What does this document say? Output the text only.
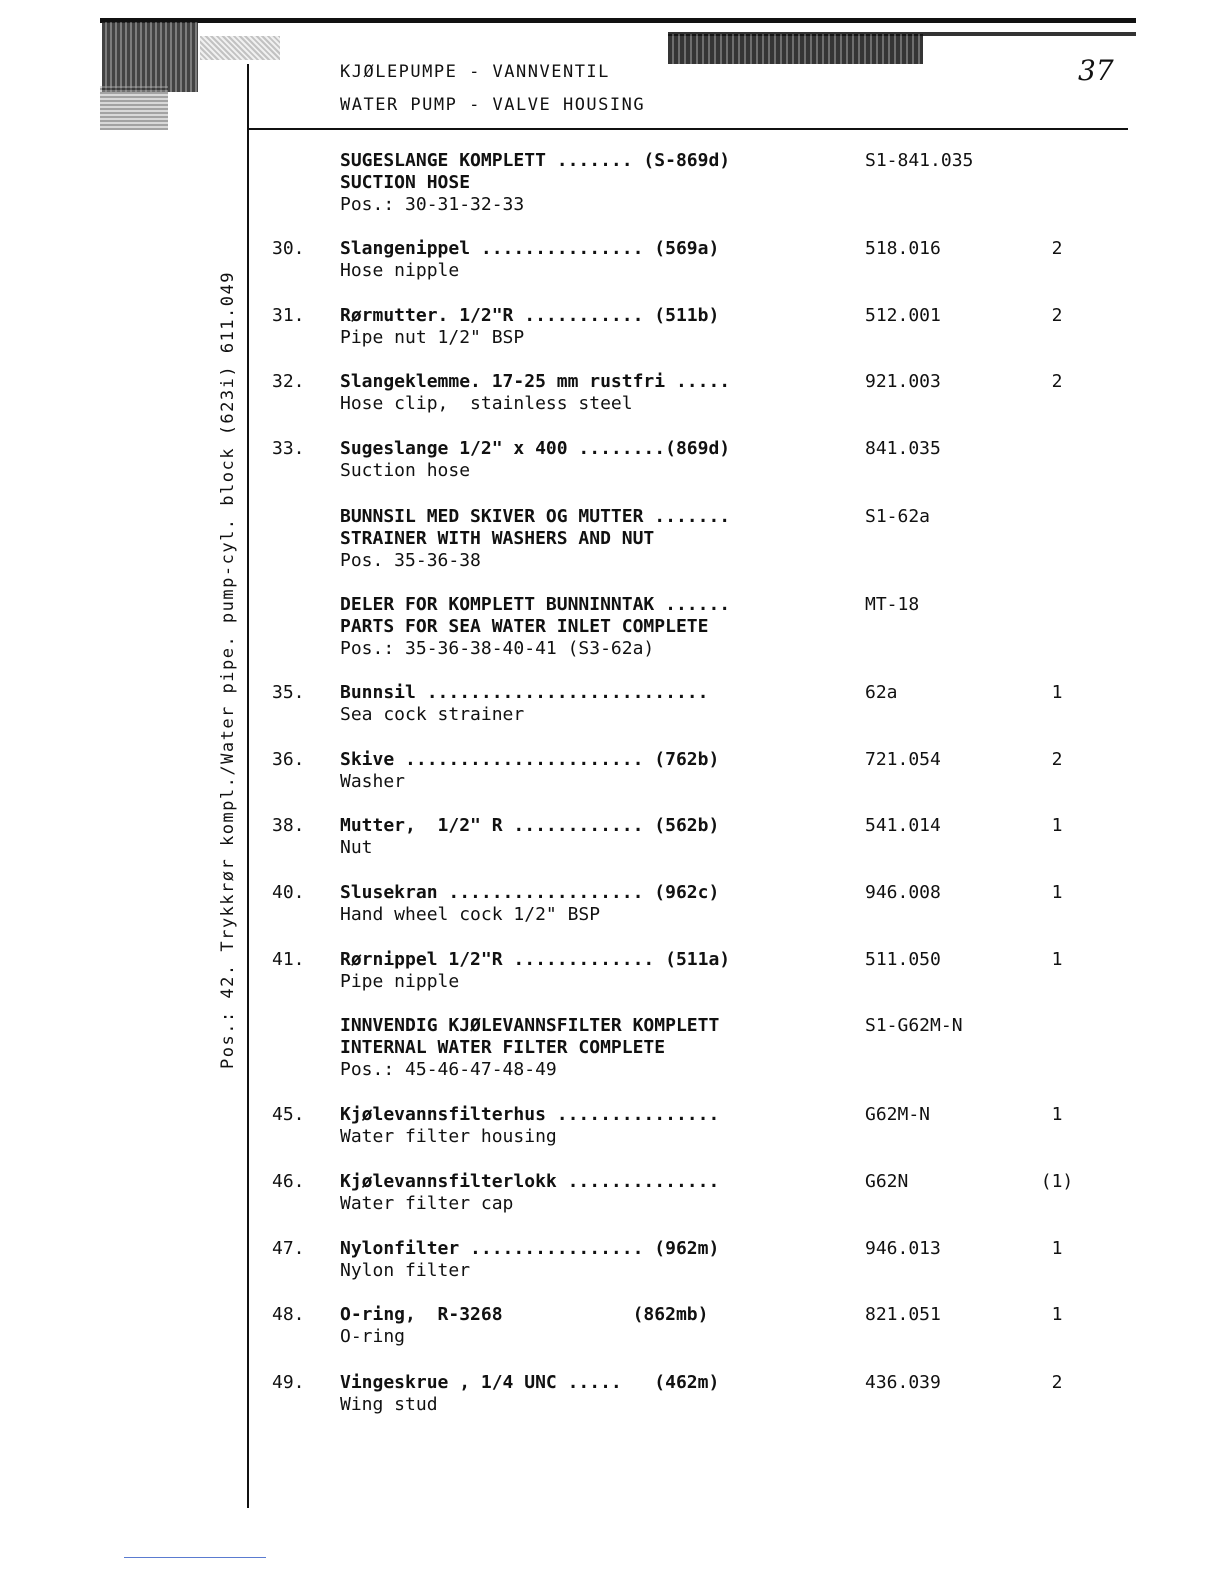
KJØLEPUMPE - VANNVENTIL
WATER PUMP - VALVE HOUSING
37
Pos.: 42. Trykkrør kompl./Water pipe. pump-cyl. block (623i) 611.049
SUGESLANGE KOMPLETT ....... (S-869d)
SUCTION HOSE
Pos.: 30-31-32-33
S1-841.035
30. Slangenippel ............... (569a)
Hose nipple
518.016	2
31. Rørmutter. 1/2"R ........... (511b)
Pipe nut 1/2" BSP
512.001	2
32. Slangeklemme. 17-25 mm rustfri .....
Hose clip,  stainless steel
921.003	2
33. Sugeslange 1/2" x 400 ........(869d)
Suction hose
841.035
BUNNSIL MED SKIVER OG MUTTER .......
STRAINER WITH WASHERS AND NUT
Pos. 35-36-38
S1-62a
DELER FOR KOMPLETT BUNNINNTAK ......
PARTS FOR SEA WATER INLET COMPLETE
Pos.: 35-36-38-40-41 (S3-62a)
MT-18
35. Bunnsil ..........................
Sea cock strainer
62a	1
36. Skive ...................... (762b)
Washer
721.054	2
38. Mutter,  1/2" R ............ (562b)
Nut
541.014	1
40. Slusekran .................. (962c)
Hand wheel cock 1/2" BSP
946.008	1
41. Rørnippel 1/2"R ............. (511a)
Pipe nipple
511.050	1
INNVENDIG KJØLEVANNSFILTER KOMPLETT
INTERNAL WATER FILTER COMPLETE
Pos.: 45-46-47-48-49
S1-G62M-N
45. Kjølevannsfilterhus ...............
Water filter housing
G62M-N	1
46. Kjølevannsfilterlokk ..............
Water filter cap
G62N	(1)
47. Nylonfilter ................ (962m)
Nylon filter
946.013	1
48. O-ring,  R-3268            (862mb)
O-ring
821.051	1
49. Vingeskrue , 1/4 UNC .....   (462m)
Wing stud
436.039	2
